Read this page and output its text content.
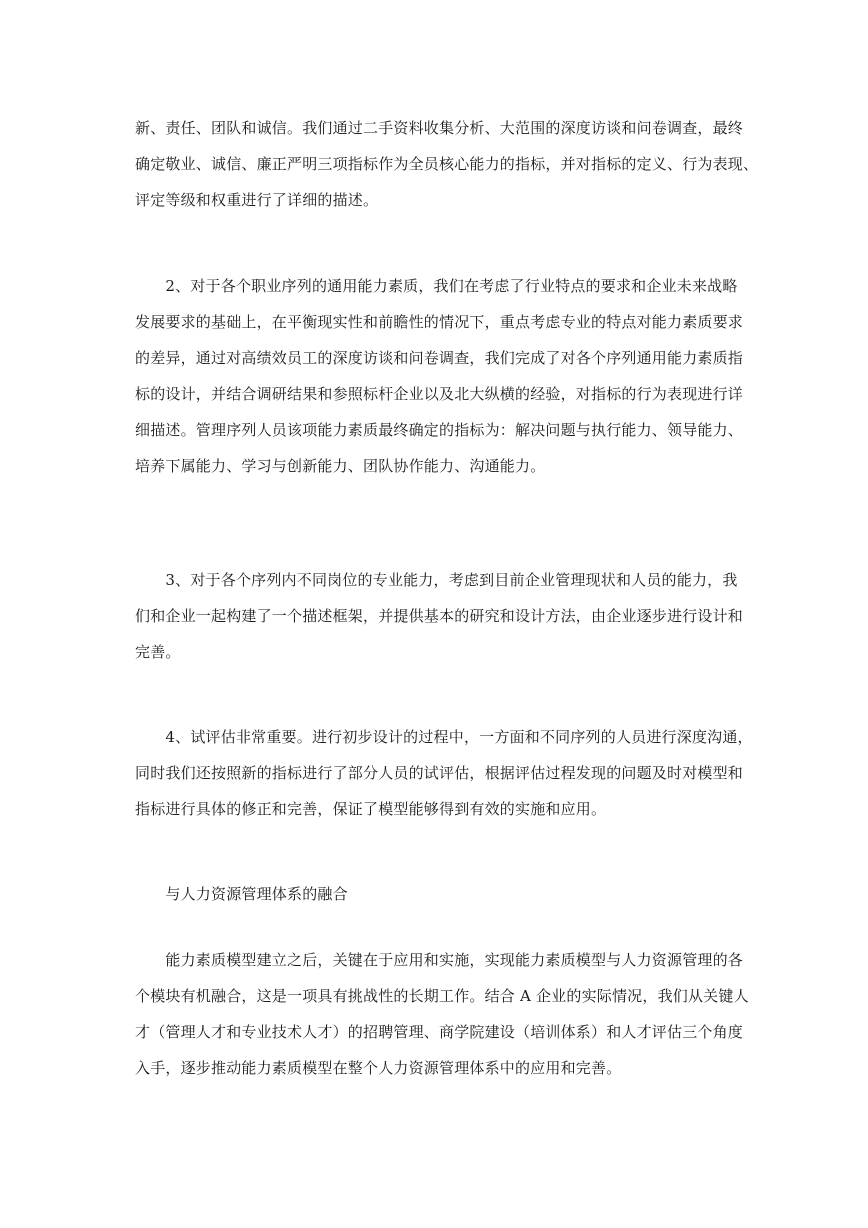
新、责任、团队和诚信。我们通过二手资料收集分析、大范围的深度访谈和问卷调查，最终
确定敬业、诚信、廉正严明三项指标作为全员核心能力的指标，并对指标的定义、行为表现、
评定等级和权重进行了详细的描述。
　　2、对于各个职业序列的通用能力素质，我们在考虑了行业特点的要求和企业未来战略
发展要求的基础上，在平衡现实性和前瞻性的情况下，重点考虑专业的特点对能力素质要求
的差异，通过对高绩效员工的深度访谈和问卷调查，我们完成了对各个序列通用能力素质指
标的设计，并结合调研结果和参照标杆企业以及北大纵横的经验，对指标的行为表现进行详
细描述。管理序列人员该项能力素质最终确定的指标为：解决问题与执行能力、领导能力、
培养下属能力、学习与创新能力、团队协作能力、沟通能力。
　　3、对于各个序列内不同岗位的专业能力，考虑到目前企业管理现状和人员的能力，我
们和企业一起构建了一个描述框架，并提供基本的研究和设计方法，由企业逐步进行设计和
完善。
　　4、试评估非常重要。进行初步设计的过程中，一方面和不同序列的人员进行深度沟通，
同时我们还按照新的指标进行了部分人员的试评估，根据评估过程发现的问题及时对模型和
指标进行具体的修正和完善，保证了模型能够得到有效的实施和应用。
　　与人力资源管理体系的融合
　　能力素质模型建立之后，关键在于应用和实施，实现能力素质模型与人力资源管理的各
个模块有机融合，这是一项具有挑战性的长期工作。结合 A 企业的实际情况，我们从关键人
才（管理人才和专业技术人才）的招聘管理、商学院建设（培训体系）和人才评估三个角度
入手，逐步推动能力素质模型在整个人力资源管理体系中的应用和完善。
